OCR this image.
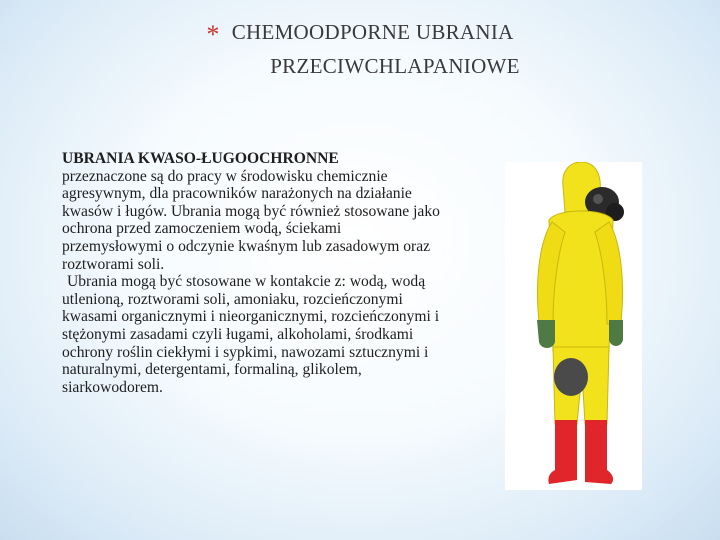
* CHEMOODPORNE UBRANIA
PRZECIWCHLAPANIOWE

UBRANIA KWASO-ŁUGOOCHRONNE

przeznaczone są do pracy w środowisku chemicznie agresywnym, dla pracowników narażonych na działanie kwasów i ługów. Ubrania mogą być również stosowane jako ochrona przed zamoczeniem wodą, ściekami przemysłowymi o odczynie kwaśnym lub zasadowym oraz roztworami soli.

Ubrania mogą być stosowane w kontakcie z: wodą, wodą utlenioną, roztworami soli, amoniaku, rozcieńczonymi kwasami organicznymi i nieorganicznymi, rozcieńczonymi i stężonymi zasadami czyli ługami, alkoholami, środkami ochrony roślin ciekłymi i sypkimi, nawozami sztucznymi i naturalnymi, detergentami, formaliną, glikolem, siarkowodorem.
